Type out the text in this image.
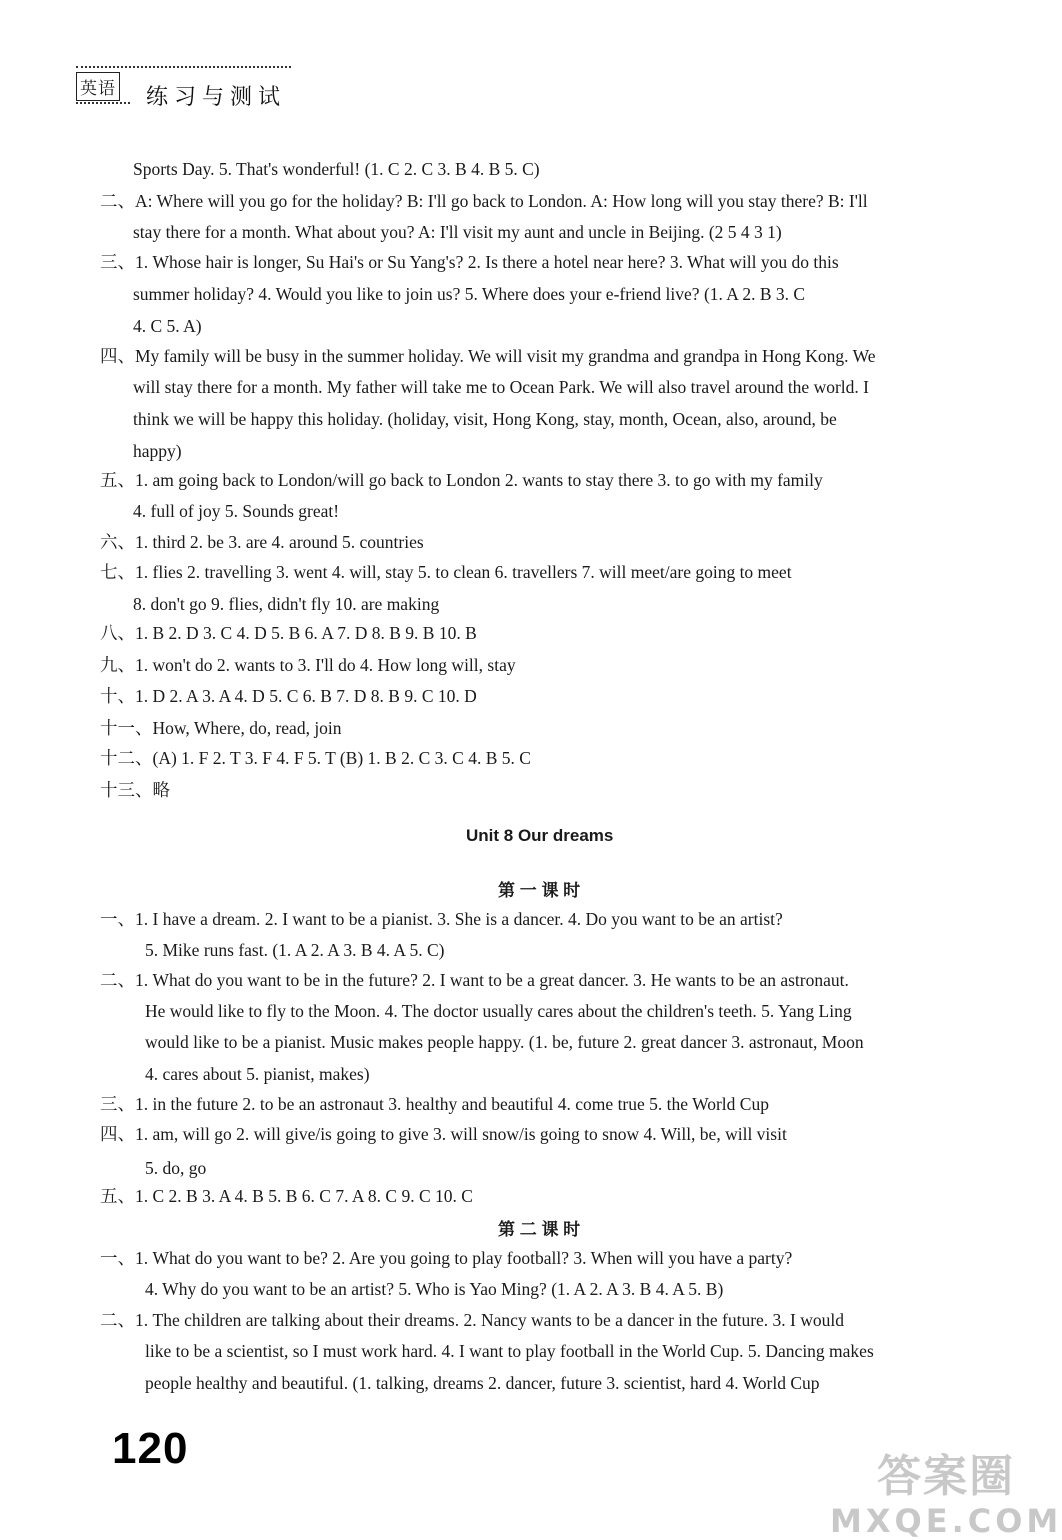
英语 练习与测试
Sports Day. 5. That's wonderful! (1. C 2. C 3. B 4. B 5. C)
二、A: Where will you go for the holiday? B: I'll go back to London. A: How long will you stay there? B: I'll
stay there for a month. What about you? A: I'll visit my aunt and uncle in Beijing. (2 5 4 3 1)
三、1. Whose hair is longer, Su Hai's or Su Yang's? 2. Is there a hotel near here? 3. What will you do this
summer holiday? 4. Would you like to join us? 5. Where does your e-friend live? (1. A 2. B 3. C
4. C 5. A)
四、My family will be busy in the summer holiday. We will visit my grandma and grandpa in Hong Kong. We
will stay there for a month. My father will take me to Ocean Park. We will also travel around the world. I
think we will be happy this holiday. (holiday, visit, Hong Kong, stay, month, Ocean, also, around, be
happy)
五、1. am going back to London/will go back to London 2. wants to stay there 3. to go with my family
4. full of joy 5. Sounds great!
六、1. third 2. be 3. are 4. around 5. countries
七、1. flies 2. travelling 3. went 4. will, stay 5. to clean 6. travellers 7. will meet/are going to meet
8. don't go 9. flies, didn't fly 10. are making
八、1. B 2. D 3. C 4. D 5. B 6. A 7. D 8. B 9. B 10. B
九、1. won't do 2. wants to 3. I'll do 4. How long will, stay
十、1. D 2. A 3. A 4. D 5. C 6. B 7. D 8. B 9. C 10. D
十一、How, Where, do, read, join
十二、(A) 1. F 2. T 3. F 4. F 5. T (B) 1. B 2. C 3. C 4. B 5. C
十三、略
Unit 8 Our dreams
第 一 课 时
一、1. I have a dream. 2. I want to be a pianist. 3. She is a dancer. 4. Do you want to be an artist?
5. Mike runs fast. (1. A 2. A 3. B 4. A 5. C)
二、1. What do you want to be in the future? 2. I want to be a great dancer. 3. He wants to be an astronaut.
He would like to fly to the Moon. 4. The doctor usually cares about the children's teeth. 5. Yang Ling
would like to be a pianist. Music makes people happy. (1. be, future 2. great dancer 3. astronaut, Moon
4. cares about 5. pianist, makes)
三、1. in the future 2. to be an astronaut 3. healthy and beautiful 4. come true 5. the World Cup
四、1. am, will go 2. will give/is going to give 3. will snow/is going to snow 4. Will, be, will visit
5. do, go
五、1. C 2. B 3. A 4. B 5. B 6. C 7. A 8. C 9. C 10. C
第 二 课 时
一、1. What do you want to be? 2. Are you going to play football? 3. When will you have a party?
4. Why do you want to be an artist? 5. Who is Yao Ming? (1. A 2. A 3. B 4. A 5. B)
二、1. The children are talking about their dreams. 2. Nancy wants to be a dancer in the future. 3. I would
like to be a scientist, so I must work hard. 4. I want to play football in the World Cup. 5. Dancing makes
people healthy and beautiful. (1. talking, dreams 2. dancer, future 3. scientist, hard 4. World Cup
120
答案圈
MXQE.COM
